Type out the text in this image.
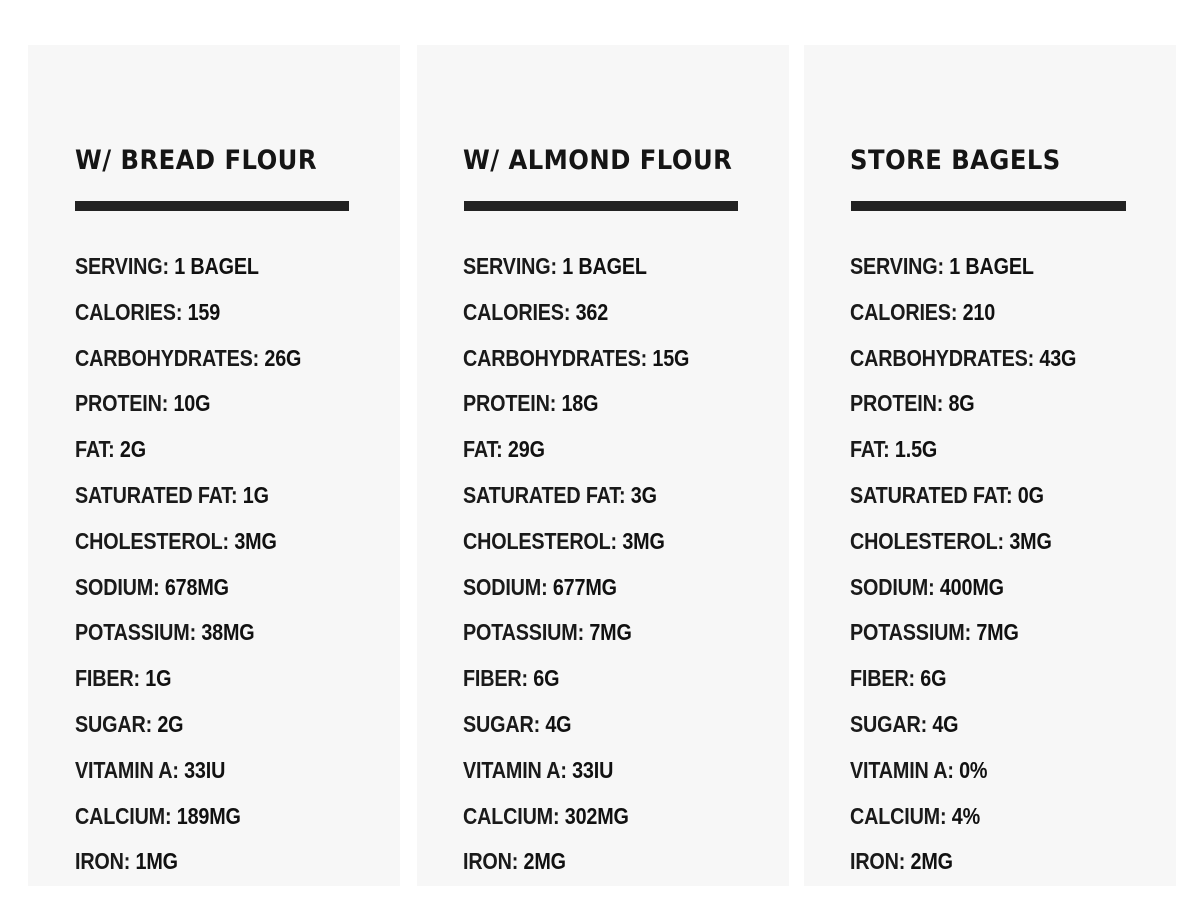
W/ BREAD FLOUR
SERVING: 1 BAGEL
CALORIES: 159
CARBOHYDRATES: 26G
PROTEIN: 10G
FAT: 2G
SATURATED FAT: 1G
CHOLESTEROL: 3MG
SODIUM: 678MG
POTASSIUM: 38MG
FIBER: 1G
SUGAR: 2G
VITAMIN A: 33IU
CALCIUM: 189MG
IRON: 1MG
W/ ALMOND FLOUR
SERVING: 1 BAGEL
CALORIES: 362
CARBOHYDRATES: 15G
PROTEIN: 18G
FAT: 29G
SATURATED FAT: 3G
CHOLESTEROL: 3MG
SODIUM: 677MG
POTASSIUM: 7MG
FIBER: 6G
SUGAR: 4G
VITAMIN A: 33IU
CALCIUM: 302MG
IRON: 2MG
STORE BAGELS
SERVING: 1 BAGEL
CALORIES: 210
CARBOHYDRATES: 43G
PROTEIN: 8G
FAT: 1.5G
SATURATED FAT: 0G
CHOLESTEROL: 3MG
SODIUM: 400MG
POTASSIUM: 7MG
FIBER: 6G
SUGAR: 4G
VITAMIN A: 0%
CALCIUM: 4%
IRON: 2MG
